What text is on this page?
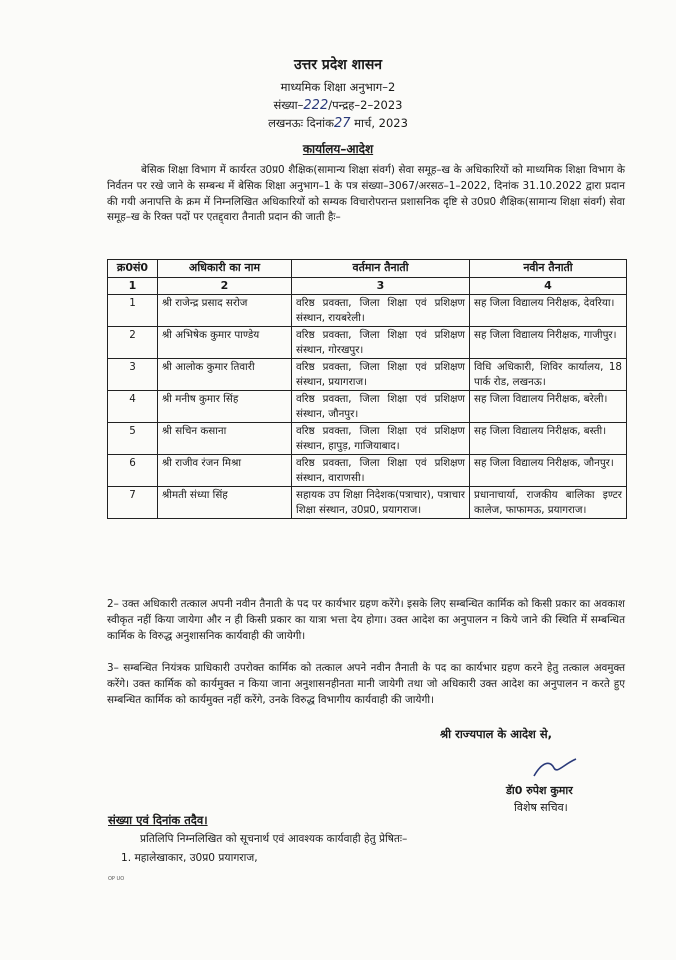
उत्तर प्रदेश शासन
माध्यमिक शिक्षा अनुभाग–2
संख्या–222/पन्द्रह–2–2023
लखनऊः दिनांक27 मार्च, 2023
कार्यालय–आदेश
बेसिक शिक्षा विभाग में कार्यरत उ0प्र0 शैक्षिक(सामान्य शिक्षा संवर्ग) सेवा समूह–ख के अधिकारियों को माध्यमिक शिक्षा विभाग के निर्वतन पर रखे जाने के सम्बन्ध में बेसिक शिक्षा अनुभाग–1 के पत्र संख्या–3067/अरसठ–1–2022, दिनांक 31.10.2022 द्वारा प्रदान की गयी अनापत्ति के क्रम में निम्नलिखित अधिकारियों को सम्यक विचारोपरान्त प्रशासनिक दृष्टि से उ0प्र0 शैक्षिक(सामान्य शिक्षा संवर्ग) सेवा समूह–ख के रिक्त पदों पर एतद्द्वारा तैनाती प्रदान की जाती हैः–
क्र0सं0	अधिकारी का नाम	वर्तमान तैनाती	नवीन तैनाती
1	2	3	4
1	श्री राजेन्द्र प्रसाद सरोज	वरिष्ठ प्रवक्ता, जिला शिक्षा एवं प्रशिक्षण संस्थान, रायबरेली।	सह जिला विद्यालय निरीक्षक, देवरिया।
2	श्री अभिषेक कुमार पाण्डेय	वरिष्ठ प्रवक्ता, जिला शिक्षा एवं प्रशिक्षण संस्थान, गोरखपुर।	सह जिला विद्यालय निरीक्षक, गाजीपुर।
3	श्री आलोक कुमार तिवारी	वरिष्ठ प्रवक्ता, जिला शिक्षा एवं प्रशिक्षण संस्थान, प्रयागराज।	विधि अधिकारी, शिविर कार्यालय, 18 पार्क रोड, लखनऊ।
4	श्री मनीष कुमार सिंह	वरिष्ठ प्रवक्ता, जिला शिक्षा एवं प्रशिक्षण संस्थान, जौनपुर।	सह जिला विद्यालय निरीक्षक, बरेली।
5	श्री सचिन कसाना	वरिष्ठ प्रवक्ता, जिला शिक्षा एवं प्रशिक्षण संस्थान, हापुड़, गाजियाबाद।	सह जिला विद्यालय निरीक्षक, बस्ती।
6	श्री राजीव रंजन मिश्रा	वरिष्ठ प्रवक्ता, जिला शिक्षा एवं प्रशिक्षण संस्थान, वाराणसी।	सह जिला विद्यालय निरीक्षक, जौनपुर।
7	श्रीमती संध्या सिंह	सहायक उप शिक्षा निदेशक(पत्राचार), पत्राचार शिक्षा संस्थान, उ0प्र0, प्रयागराज।	प्रधानाचार्या, राजकीय बालिका इण्टर कालेज, फाफामऊ, प्रयागराज।
2– उक्त अधिकारी तत्काल अपनी नवीन तैनाती के पद पर कार्यभार ग्रहण करेंगे। इसके लिए सम्बन्धित कार्मिक को किसी प्रकार का अवकाश स्वीकृत नहीं किया जायेगा और न ही किसी प्रकार का यात्रा भत्ता देय होगा। उक्त आदेश का अनुपालन न किये जाने की स्थिति में सम्बन्धित कार्मिक के विरुद्ध अनुशासनिक कार्यवाही की जायेगी।
3– सम्बन्धित नियंत्रक प्राधिकारी उपरोक्त कार्मिक को तत्काल अपने नवीन तैनाती के पद का कार्यभार ग्रहण करने हेतु तत्काल अवमुक्त करेंगे। उक्त कार्मिक को कार्यमुक्त न किया जाना अनुशासनहीनता मानी जायेगी तथा जो अधिकारी उक्त आदेश का अनुपालन न करते हुए सम्बन्धित कार्मिक को कार्यमुक्त नहीं करेंगे, उनके विरुद्ध विभागीय कार्यवाही की जायेगी।
श्री राज्यपाल के आदेश से,
डॅा0 रुपेश कुमार
विशेष सचिव।
संख्या एवं दिनांक तदैव।
प्रतिलिपि निम्नलिखित को सूचनार्थ एवं आवश्यक कार्यवाही हेतु प्रेषितः–
1. महालेखाकार, उ0प्र0 प्रयागराज,
OP UO
